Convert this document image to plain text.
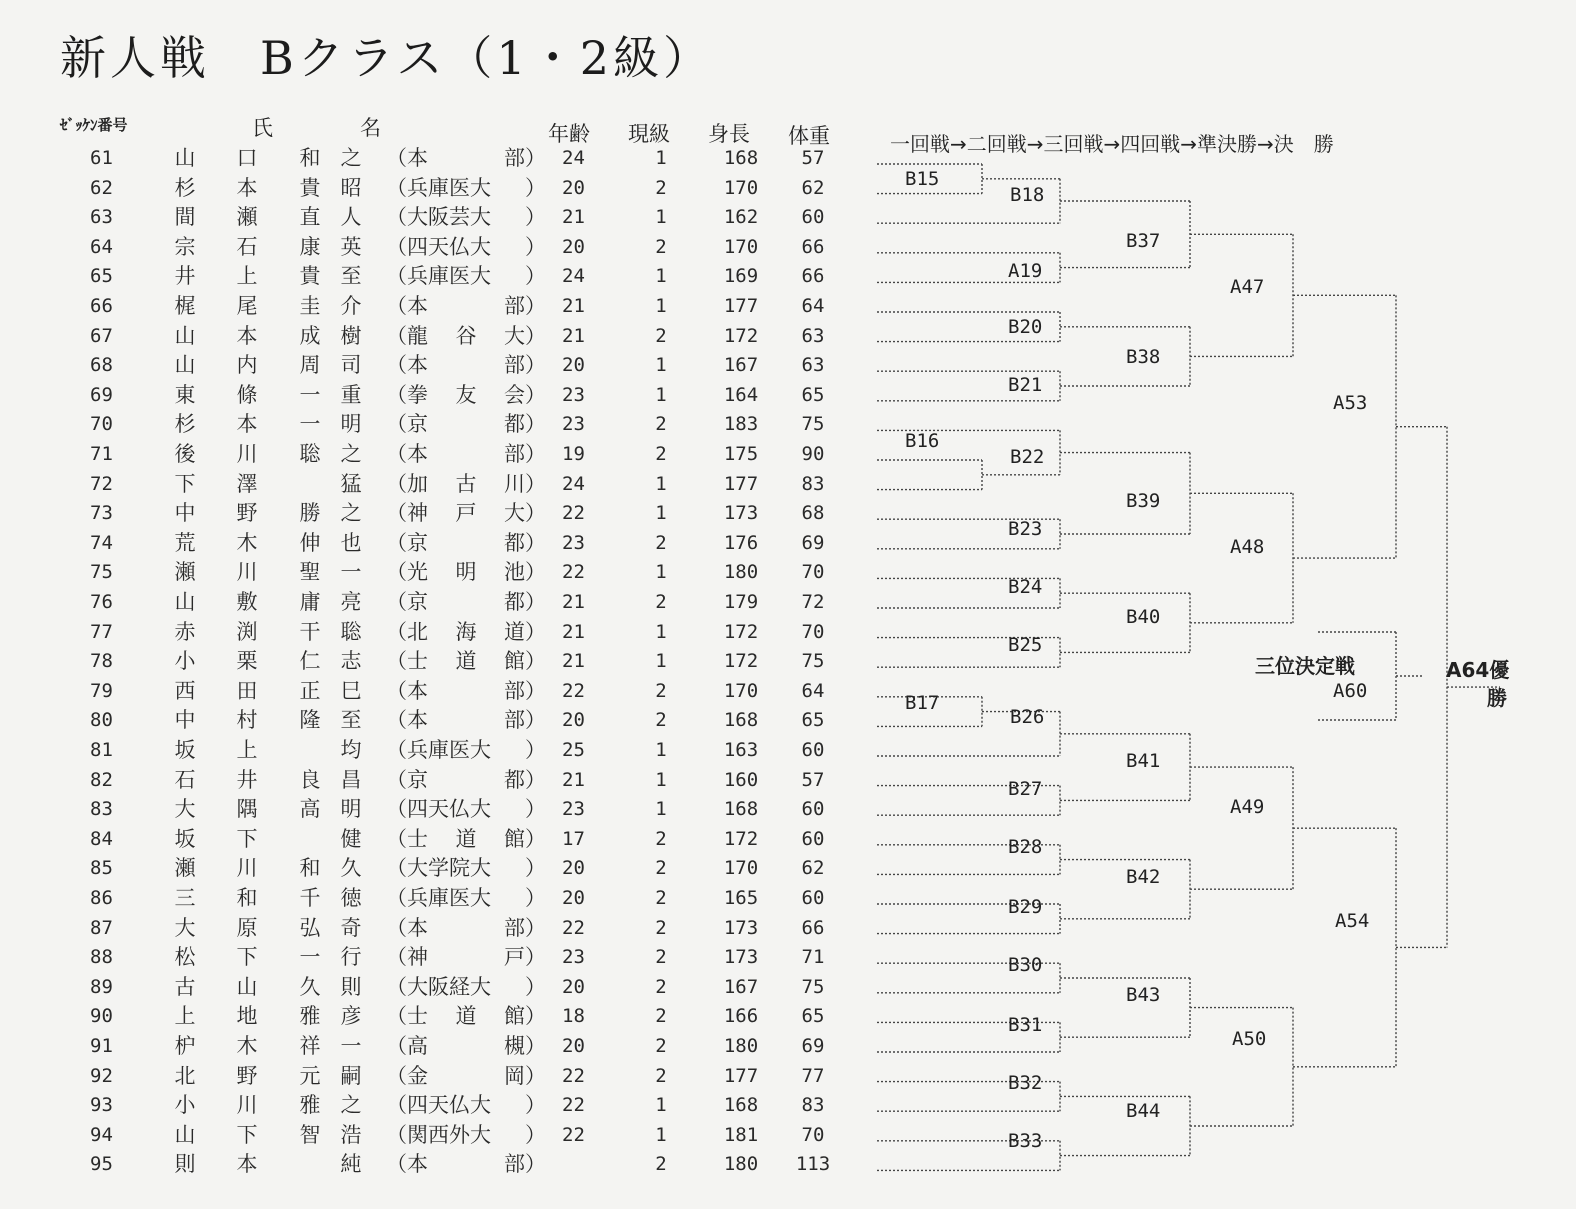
新人戦　Bクラス（1・2級）
ｾﾞｯｹﾝ番号	氏	名	年齢 現級 身長 体重	一回戦→二回戦→三回戦→四回戦→準決勝→決　勝
61	山	口	和 之	（ 本	部 ） 24	1	168	57
62	杉	本	貴 昭	（ 兵庫医大	） 20	2	170	62
63	間	瀬	直 人	（ 大阪芸大	） 21	1	162	60
64	宗	石	康 英	（ 四天仏大	） 20	2	170	66
65	井	上	貴 至	（ 兵庫医大	） 24	1	169	66
66	梶	尾	圭 介	（ 本	部 ） 21	1	177	64
67	山	本	成 樹	（ 龍 谷 大 ） 21	2	172	63
68	山	内	周 司	（ 本	部 ） 20	1	167	63
69	東	條	一 重	（ 拳 友 会 ） 23	1	164	65
70	杉	本	一 明	（ 京	都 ） 23	2	183	75
71	後	川	聡 之	（ 本	部 ） 19	2	175	90
72	下	澤	猛	（ 加 古 川 ） 24	1	177	83
73	中	野	勝 之	（ 神 戸 大 ） 22	1	173	68
74	荒	木	伸 也	（ 京	都 ） 23	2	176	69
75	瀬	川	聖 一	（ 光 明 池 ） 22	1	180	70
76	山	敷	庸 亮	（ 京	都 ） 21	2	179	72
77	赤	渕	干 聡	（ 北 海 道 ） 21	1	172	70
78	小	栗	仁 志	（ 士 道 館 ） 21	1	172	75
79	西	田	正 巳	（ 本	部 ） 22	2	170	64
80	中	村	隆 至	（ 本	部 ） 20	2	168	65
81	坂	上	均	（ 兵庫医大	） 25	1	163	60
82	石	井	良 昌	（ 京	都 ） 21	1	160	57
83	大	隅	高 明	（ 四天仏大	） 23	1	168	60
84	坂	下	健	（ 士 道 館 ） 17	2	172	60
85	瀬	川	和 久	（ 大学院大	） 20	2	170	62
86	三	和	千 徳	（ 兵庫医大	） 20	2	165	60
87	大	原	弘 奇	（ 本	部 ） 22	2	173	66
88	松	下	一 行	（ 神	戸 ） 23	2	173	71
89	古	山	久 則	（ 大阪経大	） 20	2	167	75
90	上	地	雅 彦	（ 士 道 館 ） 18	2	166	65
91	枦	木	祥 一	（ 高	槻 ） 20	2	180	69
92	北	野	元 嗣	（ 金	岡 ） 22	2	177	77
93	小	川	雅 之	（ 四天仏大	） 22	1	168	83
94	山	下	智 浩	（ 関西外大	） 22	1	181	70
95	則	本	純	（ 本	部 ）	2	180	113
B15
B18
A19
B37
A47
B20
B38
B21
A53
B16
B22
B39
B23
A48
B24
B40
B25
三位決定戦
A60
A64優
勝
B17
B26
B41
B27
A49
B28
B42
B29
A54
B30
B43
B31
A50
B32
B44
B33
